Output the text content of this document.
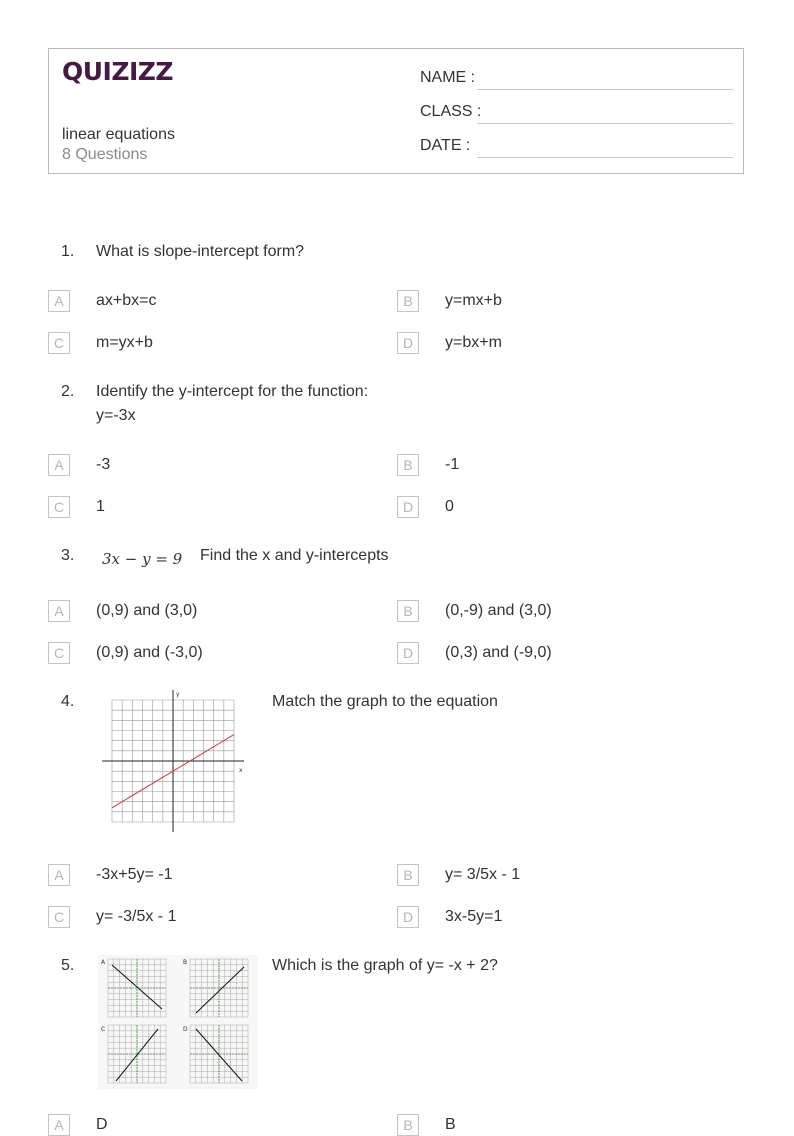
QUIZIZZ
linear equations
8 Questions
NAME :
CLASS :
DATE :
1. What is slope-intercept form?
A	ax+bx=c	B	y=mx+b
C	m=yx+b	D	y=bx+m
2. Identify the y-intercept for the function:
y=-3x
A	-3	B	-1
C	1	D	0
3. 3x − y = 9 Find the x and y-intercepts
A	(0,9) and (3,0)	B	(0,-9) and (3,0)
C	(0,9) and (-3,0)	D	(0,3) and (-9,0)
4.
x
y	Match the graph to the equation
A	-3x+5y= -1	B	y= 3/5x - 1
C	y= -3/5x - 1	D	3x-5y=1
5.	A	B
C	D
Which is the graph of y= -x + 2?
A	D	B	B
